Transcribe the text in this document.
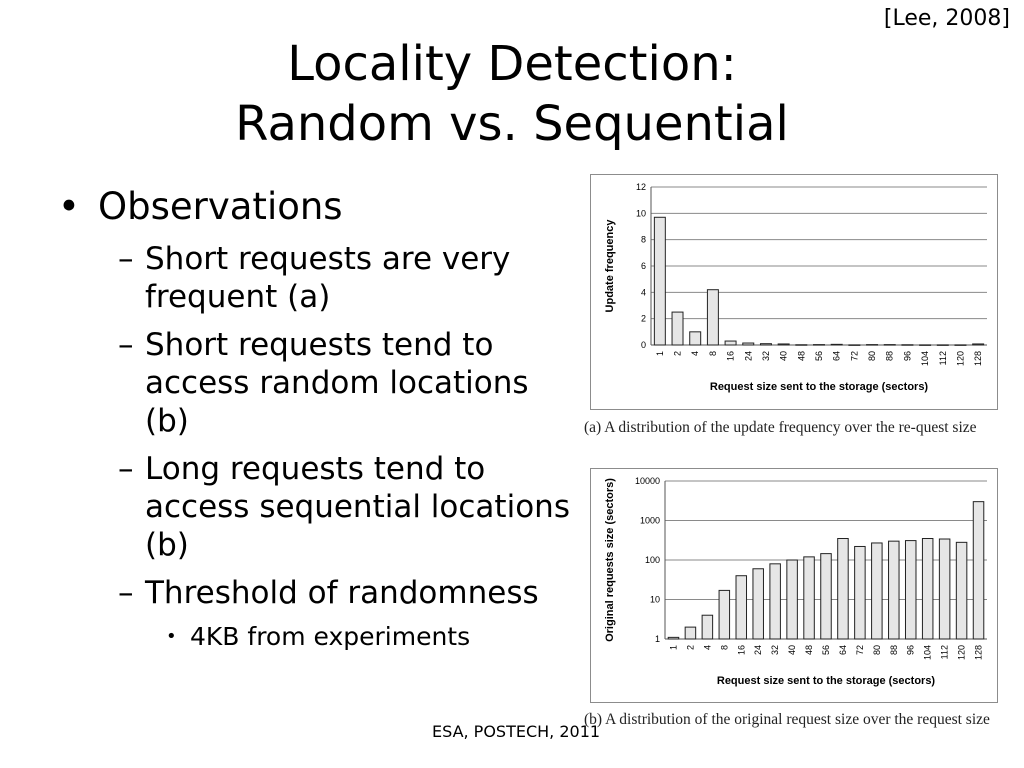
[Lee, 2008]
Locality Detection:
Random vs. Sequential
• Observations
– Short requests are very frequent (a)
– Short requests tend to access random locations (b)
– Long requests tend to access sequential locations (b)
– Threshold of randomness
• 4KB from experiments
0
2
4
6
8
10
12
1 2 4 8 16 24 32 40 48 56 64 72 80 88 96 104 112 120 128
Request size sent to the storage (sectors)
Update frequency
(a) A distribution of the update frequency over the re-quest size
1
10
100
1000
10000
1 2 4 8 16 24 32 40 48 56 64 72 80 88 96 104 112 120 128
Request size sent to the storage (sectors)
Original requests size (sectors)
(b) A distribution of the original request size over the request size
ESA, POSTECH, 2011
